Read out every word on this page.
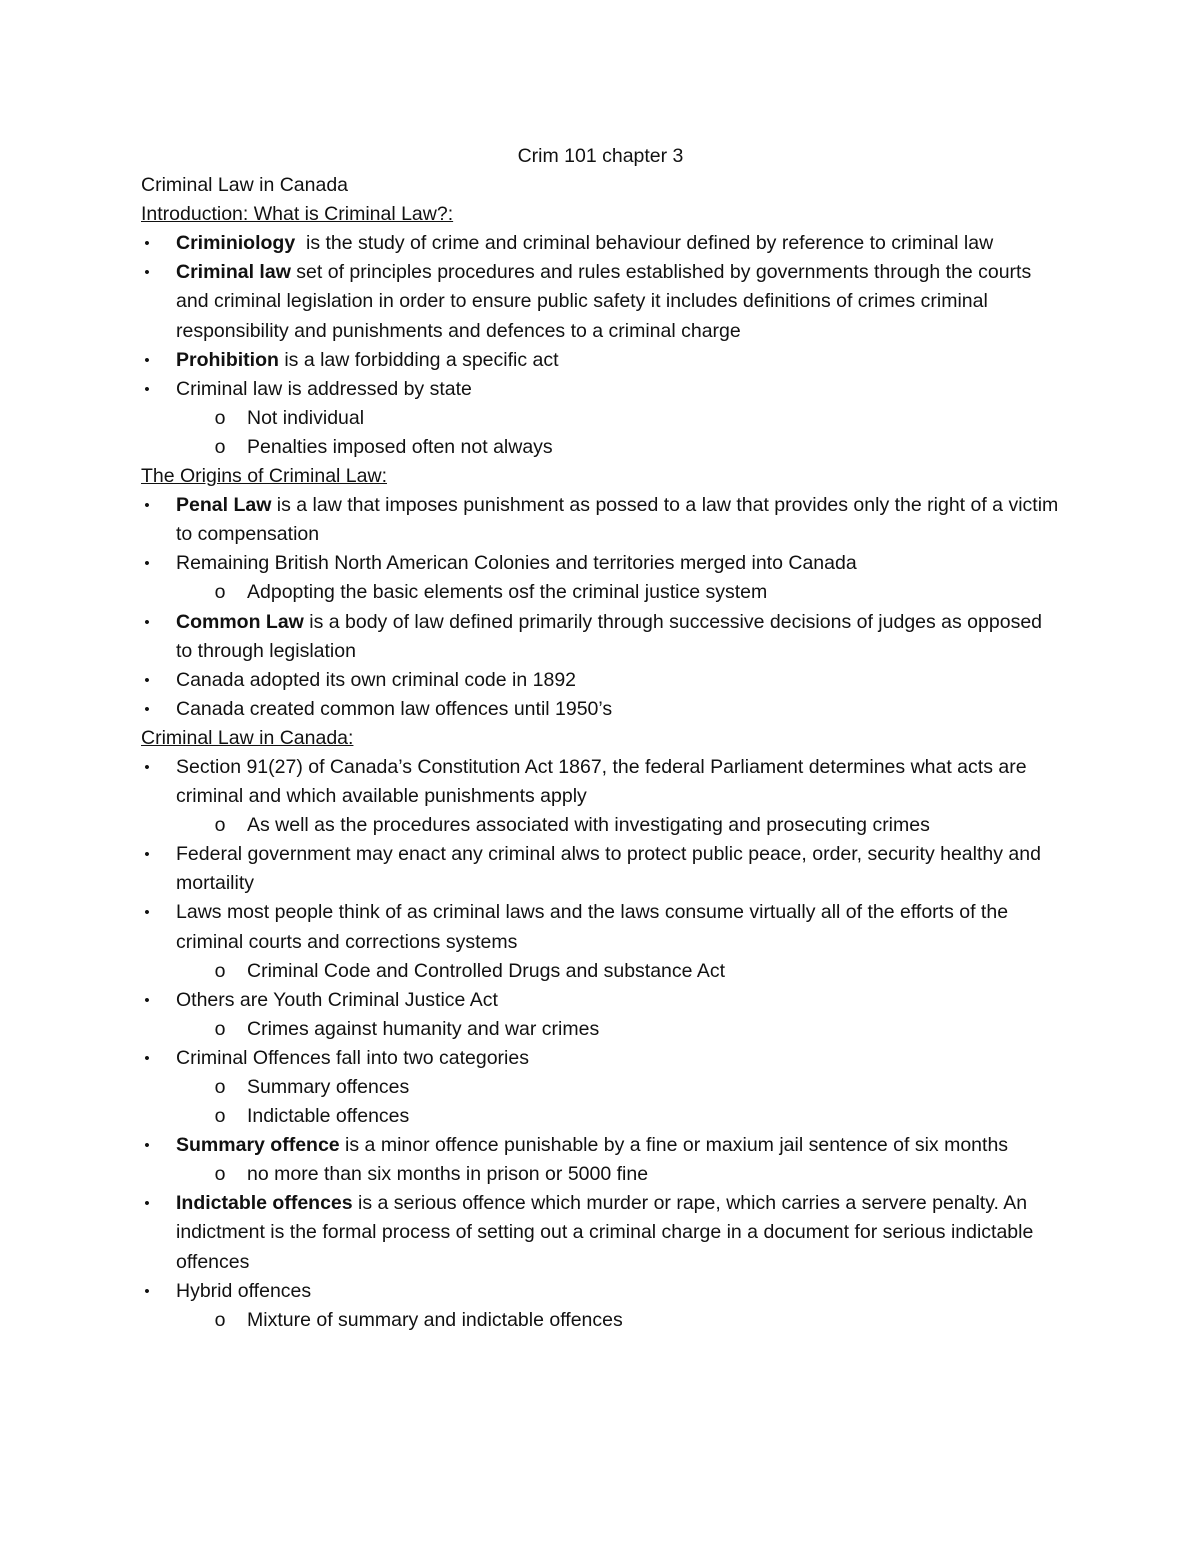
Crim 101 chapter 3
Criminal Law in Canada
Introduction: What is Criminal Law?:
• Criminiology  is the study of crime and criminal behaviour defined by reference to criminal law
• Criminal law set of principles procedures and rules established by governments through the courts and criminal legislation in order to ensure public safety it includes definitions of crimes criminal responsibility and punishments and defences to a criminal charge
• Prohibition is a law forbidding a specific act
• Criminal law is addressed by state
o Not individual
o Penalties imposed often not always
The Origins of Criminal Law:
• Penal Law is a law that imposes punishment as possed to a law that provides only the right of a victim to compensation
• Remaining British North American Colonies and territories merged into Canada
o Adpopting the basic elements osf the criminal justice system
• Common Law is a body of law defined primarily through successive decisions of judges as opposed to through legislation
• Canada adopted its own criminal code in 1892
• Canada created common law offences until 1950’s
Criminal Law in Canada:
• Section 91(27) of Canada’s Constitution Act 1867, the federal Parliament determines what acts are criminal and which available punishments apply
o As well as the procedures associated with investigating and prosecuting crimes
• Federal government may enact any criminal alws to protect public peace, order, security healthy and mortaility
• Laws most people think of as criminal laws and the laws consume virtually all of the efforts of the criminal courts and corrections systems
o Criminal Code and Controlled Drugs and substance Act
• Others are Youth Criminal Justice Act
o Crimes against humanity and war crimes
• Criminal Offences fall into two categories
o Summary offences
o Indictable offences
• Summary offence is a minor offence punishable by a fine or maxium jail sentence of six months
o no more than six months in prison or 5000 fine
• Indictable offences is a serious offence which murder or rape, which carries a servere penalty. An indictment is the formal process of setting out a criminal charge in a document for serious indictable offences
• Hybrid offences
o Mixture of summary and indictable offences
